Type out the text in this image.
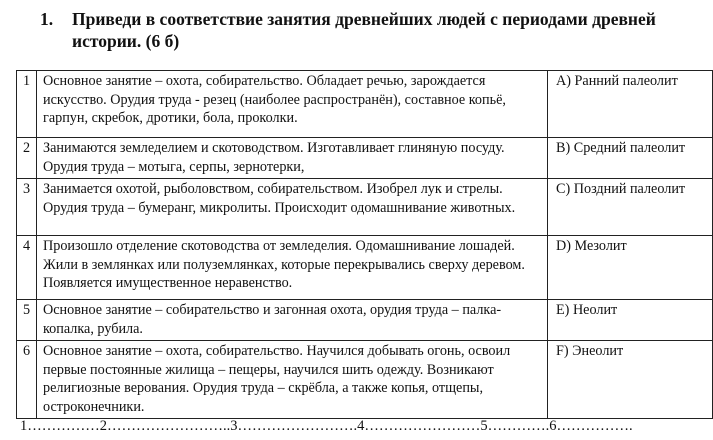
1. Приведи в соответствие занятия древнейших людей с периодами древней
истории. (6 б)
1	Основное занятие – охота, собирательство. Обладает речью, зарождается искусство. Орудия труда - резец (наиболее распространён), составное копьё, гарпун, скребок, дротики, бола, проколки.	А) Ранний палеолит
2	Занимаются земледелием и скотоводством. Изготавливает глиняную посуду. Орудия труда – мотыга, серпы, зернотерки,	В) Средний палеолит
3	Занимается охотой, рыболовством, собирательством. Изобрел лук и стрелы. Орудия труда – бумеранг, микролиты. Происходит одомашнивание животных.	С) Поздний палеолит
4	Произошло отделение скотоводства от земледелия. Одомашнивание лошадей. Жили в землянках или полуземлянках, которые перекрывались сверху деревом. Появляется имущественное неравенство.	D) Мезолит
5	Основное занятие – собирательство и загонная охота, орудия труда – палка-копалка, рубила.	Е) Неолит
6	Основное занятие – охота, собирательство. Научился добывать огонь, освоил первые постоянные жилища – пещеры, научился шить одежду. Возникают религиозные верования. Орудия труда – скрёбла, а также копья, отщепы, остроконечники.	F) Энеолит
1……………2……………………..3…………………….4……………………5………….6…………….
